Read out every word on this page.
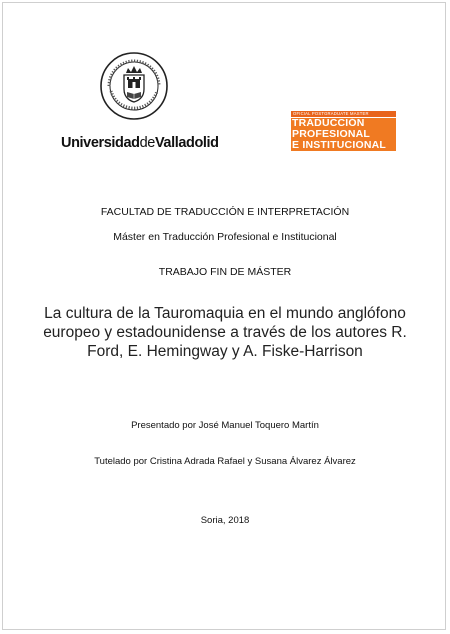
UniversidaddeValladolid
OFICIAL POSTGRADUATE MASTER
TRADUCCIÓN
PROFESIONAL
E INSTITUCIONAL
FACULTAD DE TRADUCCIÓN E INTERPRETACIÓN
Máster en Traducción Profesional e Institucional
TRABAJO FIN DE MÁSTER
La cultura de la Tauromaquia en el mundo anglófono europeo y estadounidense a través de los autores R. Ford, E. Hemingway y A. Fiske-Harrison
Presentado por José Manuel Toquero Martín
Tutelado por Cristina Adrada Rafael y Susana Álvarez Álvarez
Soria, 2018
